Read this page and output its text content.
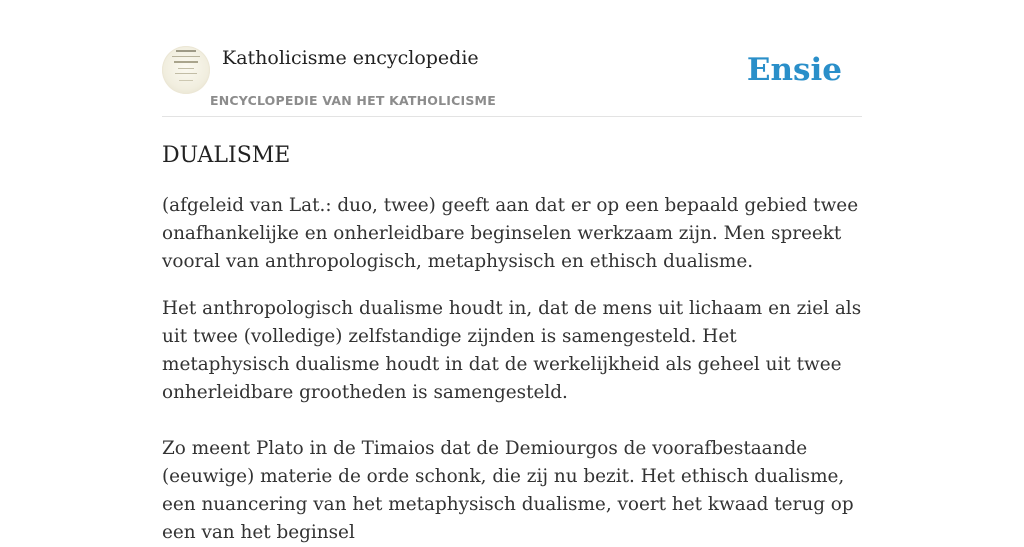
Katholicisme encyclopedie
ENCYCLOPEDIE VAN HET KATHOLICISME
Ensie
DUALISME

(afgeleid van Lat.: duo, twee) geeft aan dat er op een bepaald gebied twee onafhankelijke en onherleidbare beginselen werkzaam zijn. Men spreekt vooral van anthropologisch, metaphysisch en ethisch dualisme.

Het anthropologisch dualisme houdt in, dat de mens uit lichaam en ziel als uit twee (volledige) zelfstandige zijnden is samengesteld. Het metaphysisch dualisme houdt in dat de werkelijkheid als geheel uit twee onherleidbare grootheden is samengesteld.

Zo meent Plato in de Timaios dat de Demiourgos de voorafbestaande (eeuwige) materie de orde schonk, die zij nu bezit. Het ethisch dualisme, een nuancering van het metaphysisch dualisme, voert het kwaad terug op een van het beginsel
